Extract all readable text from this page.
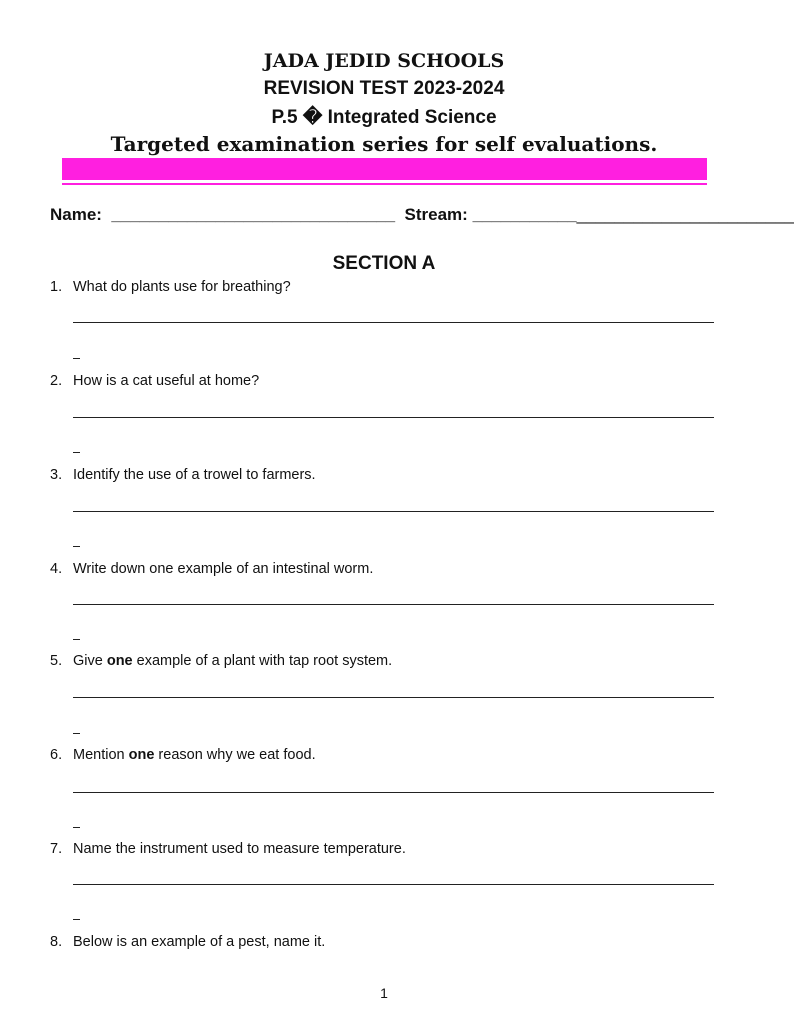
JADA JEDID SCHOOLS
REVISION TEST 2023-2024
P.5 � Integrated Science
Targeted examination series for self evaluations.
Name: ______________________________ Stream: __________________________________
SECTION A
1. What do plants use for breathing?
2. How is a cat useful at home?
3. Identify the use of a trowel to farmers.
4. Write down one example of an intestinal worm.
5. Give one example of a plant with tap root system.
6. Mention one reason why we eat food.
7. Name the instrument used to measure temperature.
8. Below is an example of a pest, name it.
1
